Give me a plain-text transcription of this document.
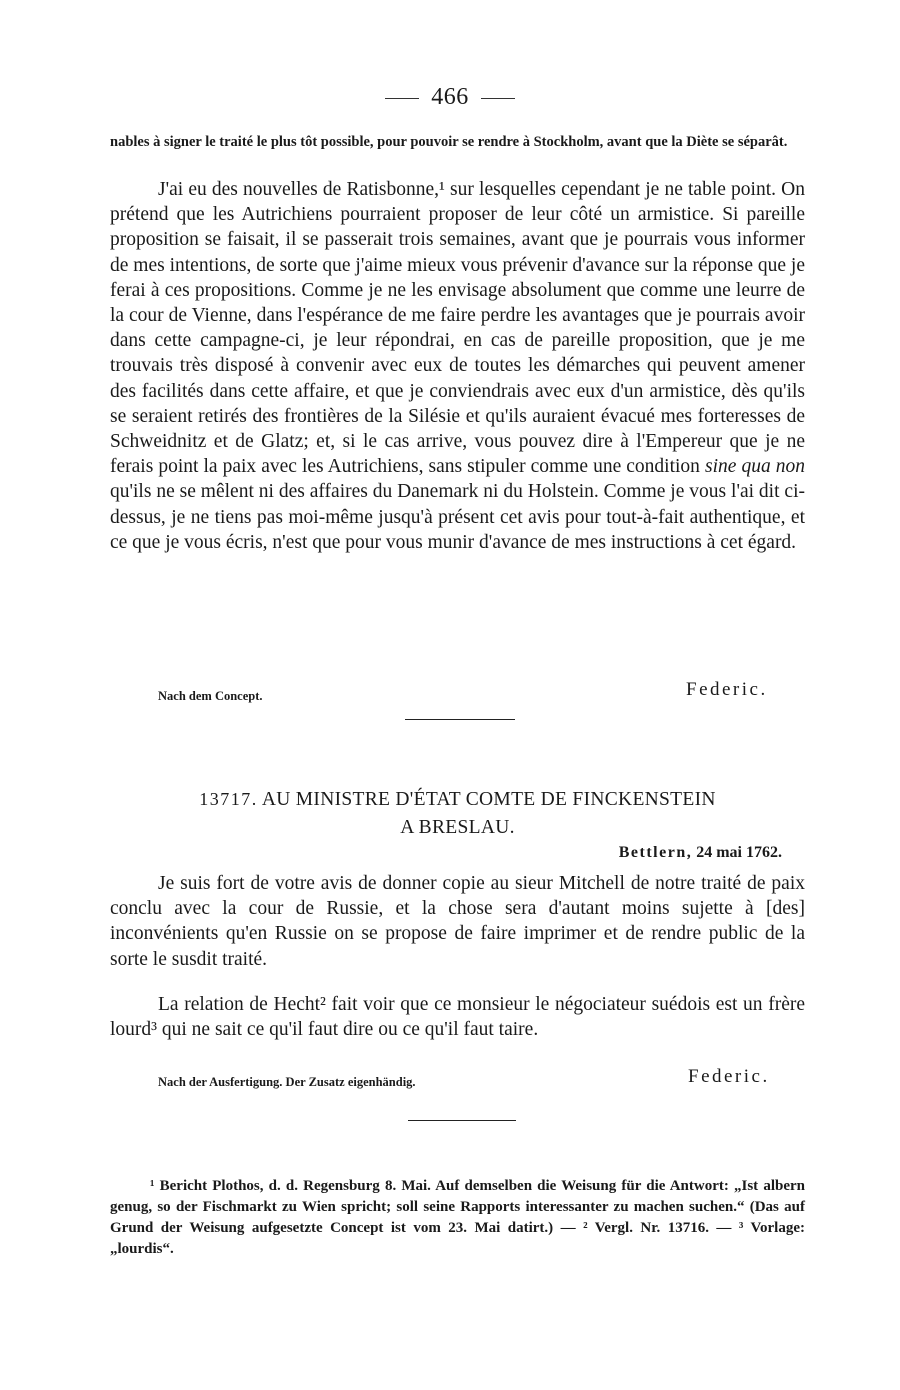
466
nables à signer le traité le plus tôt possible, pour pouvoir se rendre à Stockholm, avant que la Diète se séparât.

J'ai eu des nouvelles de Ratisbonne,¹ sur lesquelles cependant je ne table point. On prétend que les Autrichiens pourraient proposer de leur côté un armistice. Si pareille proposition se faisait, il se passerait trois semaines, avant que je pourrais vous informer de mes intentions, de sorte que j'aime mieux vous prévenir d'avance sur la réponse que je ferai à ces propositions. Comme je ne les envisage absolument que comme une leurre de la cour de Vienne, dans l'espérance de me faire perdre les avantages que je pourrais avoir dans cette campagne-ci, je leur répondrai, en cas de pareille proposition, que je me trouvais très disposé à convenir avec eux de toutes les démarches qui peuvent amener des facilités dans cette affaire, et que je conviendrais avec eux d'un armistice, dès qu'ils se seraient retirés des frontières de la Silésie et qu'ils auraient évacué mes forteresses de Schweidnitz et de Glatz; et, si le cas arrive, vous pouvez dire à l'Empereur que je ne ferais point la paix avec les Autrichiens, sans stipuler comme une condition sine qua non qu'ils ne se mêlent ni des affaires du Danemark ni du Holstein. Comme je vous l'ai dit ci-dessus, je ne tiens pas moi-même jusqu'à présent cet avis pour tout-à-fait authentique, et ce que je vous écris, n'est que pour vous munir d'avance de mes instructions à cet égard.

Nach dem Concept.	Federic.
13717. AU MINISTRE D'ÉTAT COMTE DE FINCKENSTEIN
A BRESLAU.
Bettlern, 24 mai 1762.

Je suis fort de votre avis de donner copie au sieur Mitchell de notre traité de paix conclu avec la cour de Russie, et la chose sera d'autant moins sujette à [des] inconvénients qu'en Russie on se propose de faire imprimer et de rendre public de la sorte le susdit traité.

La relation de Hecht² fait voir que ce monsieur le négociateur suédois est un frère lourd³ qui ne sait ce qu'il faut dire ou ce qu'il faut taire.

Nach der Ausfertigung. Der Zusatz eigenhändig.	Federic.
¹ Bericht Plothos, d. d. Regensburg 8. Mai. Auf demselben die Weisung für die Antwort: „Ist albern genug, so der Fischmarkt zu Wien spricht; soll seine Rapports interessanter zu machen suchen.“ (Das auf Grund der Weisung aufgesetzte Concept ist vom 23. Mai datirt.) — ² Vergl. Nr. 13716. — ³ Vorlage: „lourdis“.
